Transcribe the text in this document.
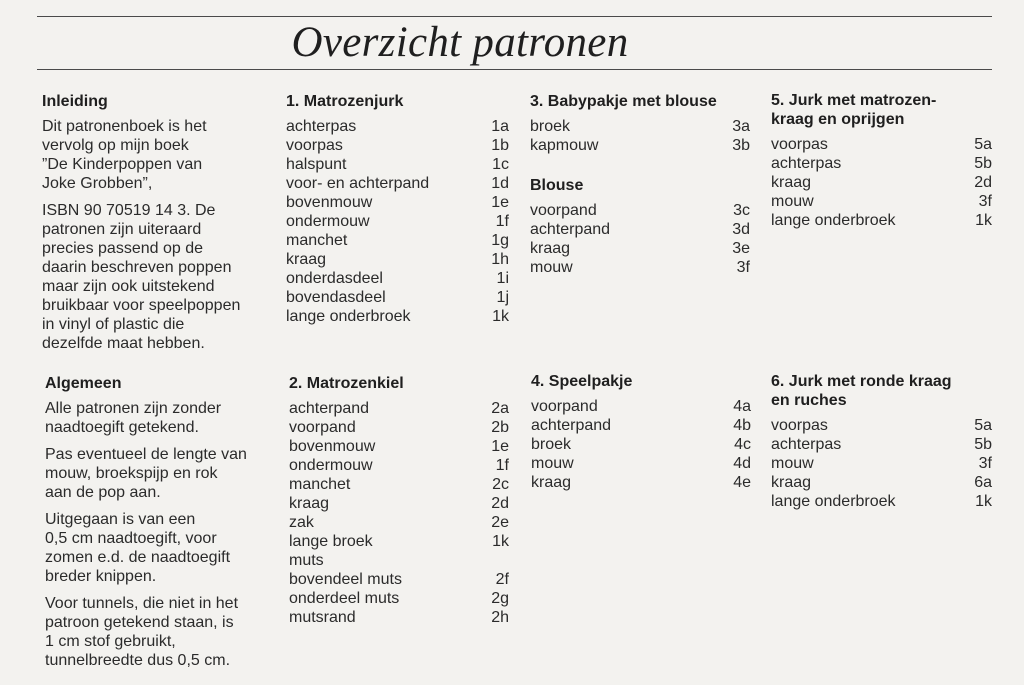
Overzicht patronen
Inleiding

Dit patronenboek is het
vervolg op mijn boek
”De Kinderpoppen van
Joke Grobben”,

ISBN 90 70519 14 3. De
patronen zijn uiteraard
precies passend op de
daarin beschreven poppen
maar zijn ook uitstekend
bruikbaar voor speelpoppen
in vinyl of plastic die
dezelfde maat hebben.

Algemeen

Alle patronen zijn zonder
naadtoegift getekend.

Pas eventueel de lengte van
mouw, broekspijp en rok
aan de pop aan.

Uitgegaan is van een
0,5 cm naadtoegift, voor
zomen e.d. de naadtoegift
breder knippen.

Voor tunnels, die niet in het
patroon getekend staan, is
1 cm stof gebruikt,
tunnelbreedte dus 0,5 cm.

1. Matrozenjurk
achterpas	1a
voorpas	1b
halspunt	1c
voor- en achterpand	1d
bovenmouw	1e
ondermouw	1f
manchet	1g
kraag	1h
onderdasdeel	1i
bovendasdeel	1j
lange onderbroek	1k
2. Matrozenkiel
achterpand	2a
voorpand	2b
bovenmouw	1e
ondermouw	1f
manchet	2c
kraag	2d
zak	2e
lange broek	1k
muts
bovendeel muts	2f
onderdeel muts	2g
mutsrand	2h
3. Babypakje met blouse
broek	3a
kapmouw	3b
Blouse
voorpand	3c
achterpand	3d
kraag	3e
mouw	3f
4. Speelpakje
voorpand	4a
achterpand	4b
broek	4c
mouw	4d
kraag	4e
5. Jurk met matrozen-
kraag en oprijgen
voorpas	5a
achterpas	5b
kraag	2d
mouw	3f
lange onderbroek	1k
6. Jurk met ronde kraag
en ruches
voorpas	5a
achterpas	5b
mouw	3f
kraag	6a
lange onderbroek	1k
